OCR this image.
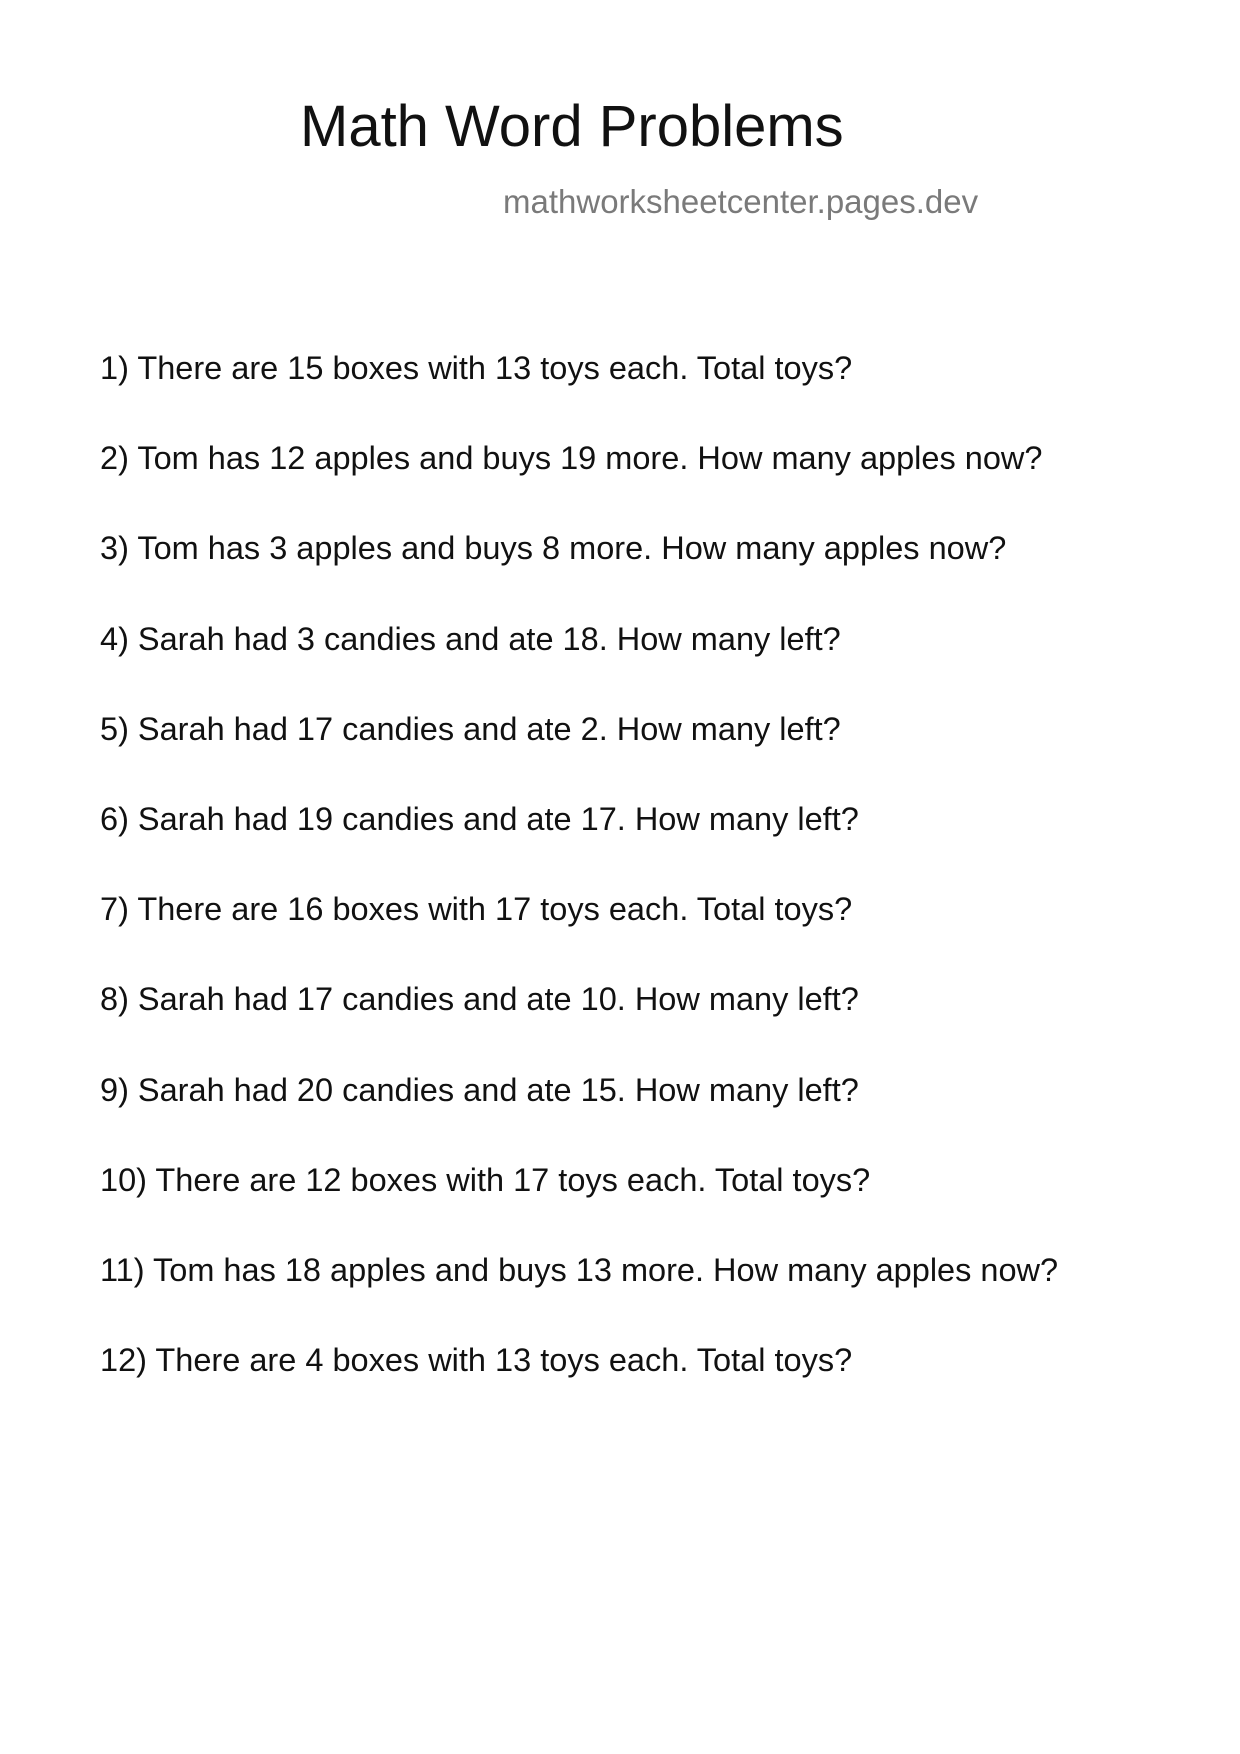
Math Word Problems
mathworksheetcenter.pages.dev
1) There are 15 boxes with 13 toys each. Total toys?
2) Tom has 12 apples and buys 19 more. How many apples now?
3) Tom has 3 apples and buys 8 more. How many apples now?
4) Sarah had 3 candies and ate 18. How many left?
5) Sarah had 17 candies and ate 2. How many left?
6) Sarah had 19 candies and ate 17. How many left?
7) There are 16 boxes with 17 toys each. Total toys?
8) Sarah had 17 candies and ate 10. How many left?
9) Sarah had 20 candies and ate 15. How many left?
10) There are 12 boxes with 17 toys each. Total toys?
11) Tom has 18 apples and buys 13 more. How many apples now?
12) There are 4 boxes with 13 toys each. Total toys?
